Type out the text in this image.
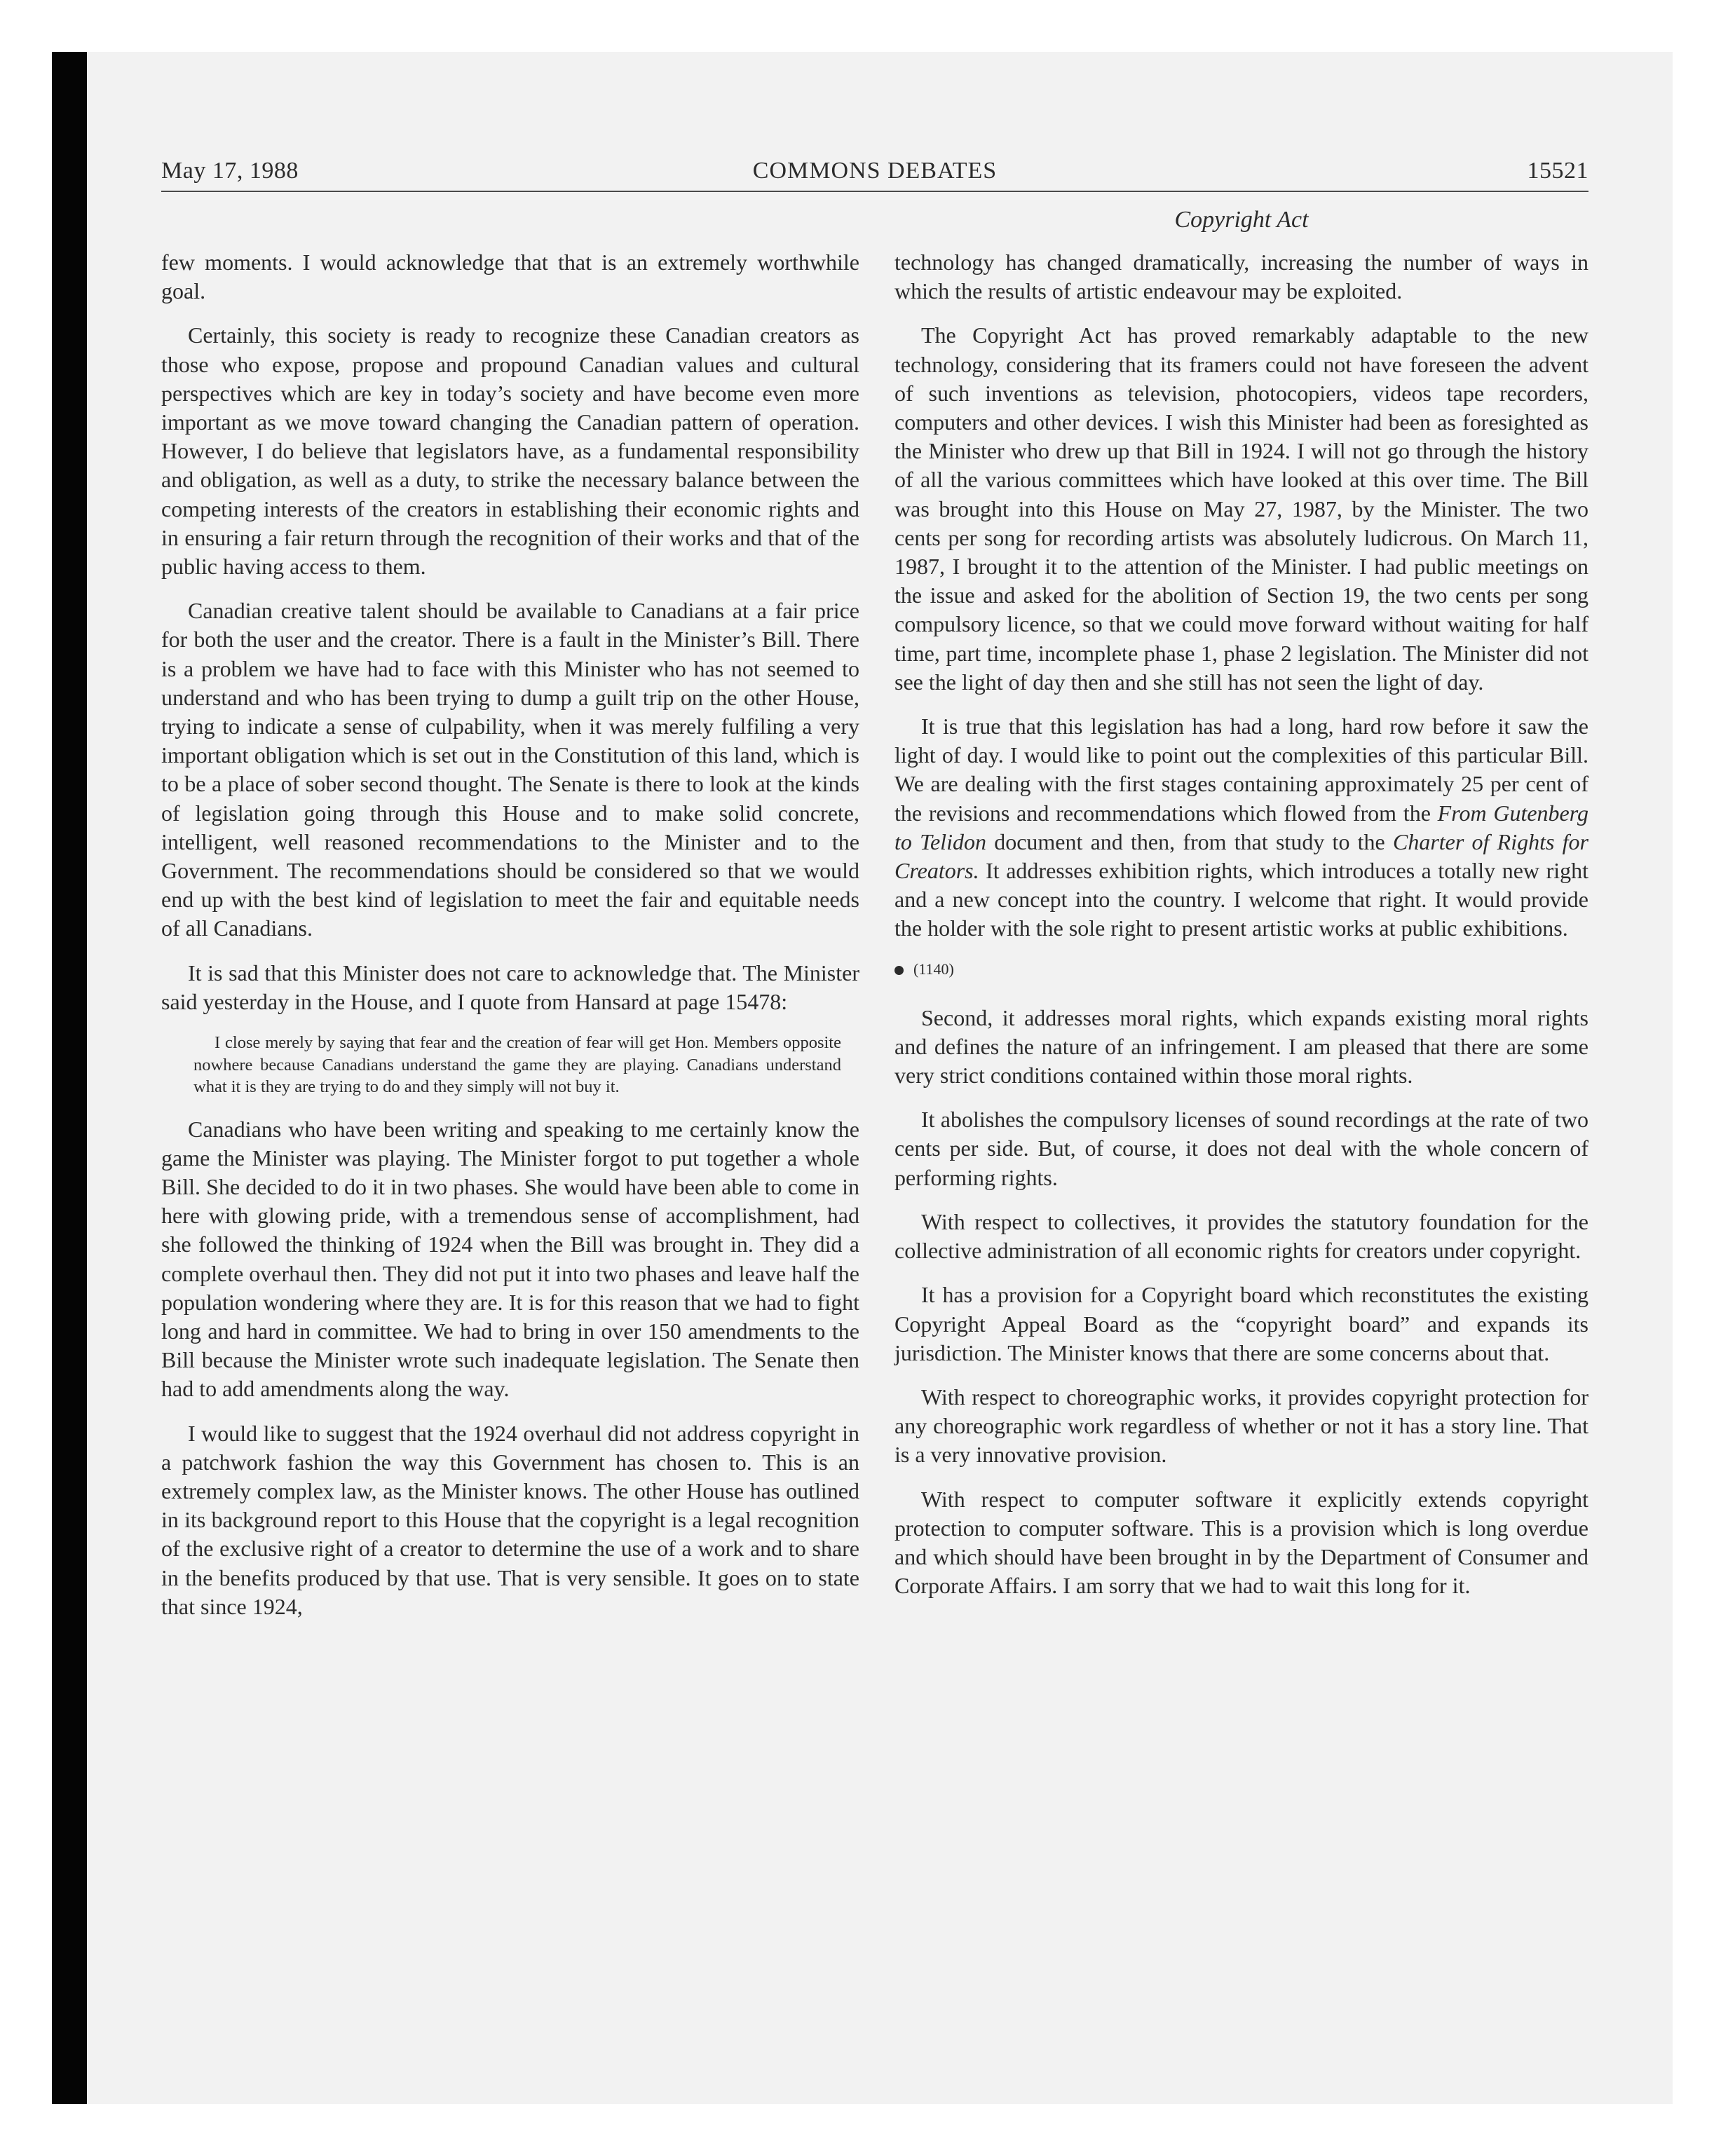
May 17, 1988	COMMONS DEBATES	15521
Copyright Act

few moments. I would acknowledge that that is an extremely worthwhile goal.

Certainly, this society is ready to recognize these Canadian creators as those who expose, propose and propound Canadian values and cultural perspectives which are key in today’s society and have become even more important as we move toward changing the Canadian pattern of operation. However, I do believe that legislators have, as a fundamental responsibility and obligation, as well as a duty, to strike the necessary balance between the competing interests of the creators in establishing their economic rights and in ensuring a fair return through the recognition of their works and that of the public having access to them.

Canadian creative talent should be available to Canadians at a fair price for both the user and the creator. There is a fault in the Minister’s Bill. There is a problem we have had to face with this Minister who has not seemed to understand and who has been trying to dump a guilt trip on the other House, trying to indicate a sense of culpability, when it was merely fulfiling a very important obligation which is set out in the Constitution of this land, which is to be a place of sober second thought. The Senate is there to look at the kinds of legislation going through this House and to make solid concrete, intelligent, well reasoned recommendations to the Minister and to the Government. The recommendations should be considered so that we would end up with the best kind of legislation to meet the fair and equitable needs of all Canadians.

It is sad that this Minister does not care to acknowledge that. The Minister said yesterday in the House, and I quote from Hansard at page 15478:

I close merely by saying that fear and the creation of fear will get Hon. Members opposite nowhere because Canadians understand the game they are playing. Canadians understand what it is they are trying to do and they simply will not buy it.

Canadians who have been writing and speaking to me certainly know the game the Minister was playing. The Minister forgot to put together a whole Bill. She decided to do it in two phases. She would have been able to come in here with glowing pride, with a tremendous sense of accomplishment, had she followed the thinking of 1924 when the Bill was brought in. They did a complete overhaul then. They did not put it into two phases and leave half the population wondering where they are. It is for this reason that we had to fight long and hard in committee. We had to bring in over 150 amendments to the Bill because the Minister wrote such inadequate legislation. The Senate then had to add amendments along the way.

I would like to suggest that the 1924 overhaul did not address copyright in a patchwork fashion the way this Government has chosen to. This is an extremely complex law, as the Minister knows. The other House has outlined in its background report to this House that the copyright is a legal recognition of the exclusive right of a creator to determine the use of a work and to share in the benefits produced by that use. That is very sensible. It goes on to state that since 1924,

technology has changed dramatically, increasing the number of ways in which the results of artistic endeavour may be exploited.

The Copyright Act has proved remarkably adaptable to the new technology, considering that its framers could not have foreseen the advent of such inventions as television, photocopiers, videos tape recorders, computers and other devices. I wish this Minister had been as foresighted as the Minister who drew up that Bill in 1924. I will not go through the history of all the various committees which have looked at this over time. The Bill was brought into this House on May 27, 1987, by the Minister. The two cents per song for recording artists was absolutely ludicrous. On March 11, 1987, I brought it to the attention of the Minister. I had public meetings on the issue and asked for the abolition of Section 19, the two cents per song compulsory licence, so that we could move forward without waiting for half time, part time, incomplete phase 1, phase 2 legislation. The Minister did not see the light of day then and she still has not seen the light of day.

It is true that this legislation has had a long, hard row before it saw the light of day. I would like to point out the complexities of this particular Bill. We are dealing with the first stages containing approximately 25 per cent of the revisions and recommendations which flowed from the From Gutenberg to Telidon document and then, from that study to the Charter of Rights for Creators. It addresses exhibition rights, which introduces a totally new right and a new concept into the country. I welcome that right. It would provide the holder with the sole right to present artistic works at public exhibitions.

(1140)

Second, it addresses moral rights, which expands existing moral rights and defines the nature of an infringement. I am pleased that there are some very strict conditions contained within those moral rights.

It abolishes the compulsory licenses of sound recordings at the rate of two cents per side. But, of course, it does not deal with the whole concern of performing rights.

With respect to collectives, it provides the statutory foundation for the collective administration of all economic rights for creators under copyright.

It has a provision for a Copyright board which reconstitutes the existing Copyright Appeal Board as the “copyright board” and expands its jurisdiction. The Minister knows that there are some concerns about that.

With respect to choreographic works, it provides copyright protection for any choreographic work regardless of whether or not it has a story line. That is a very innovative provision.

With respect to computer software it explicitly extends copyright protection to computer software. This is a provision which is long overdue and which should have been brought in by the Department of Consumer and Corporate Affairs. I am sorry that we had to wait this long for it.
